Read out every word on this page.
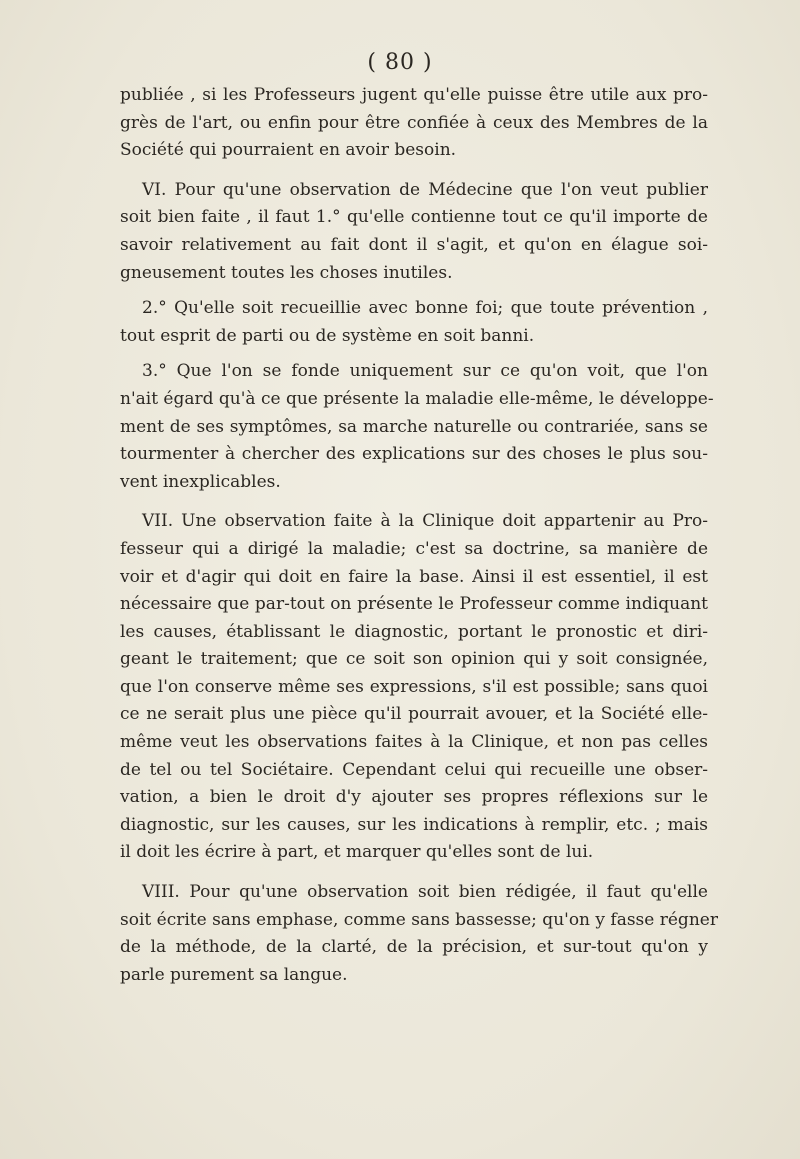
( 80 )

publiée , si les Professeurs jugent qu'elle puisse être utile aux pro-
grès de l'art, ou enfin pour être confiée à ceux des Membres de la
Société qui pourraient en avoir besoin.

VI. Pour qu'une observation de Médecine que l'on veut publier
soit bien faite , il faut 1.° qu'elle contienne tout ce qu'il importe de
savoir relativement au fait dont il s'agit, et qu'on en élague soi-
gneusement toutes les choses inutiles.

2.° Qu'elle soit recueillie avec bonne foi; que toute prévention ,
tout esprit de parti ou de système en soit banni.

3.° Que l'on se fonde uniquement sur ce qu'on voit, que l'on
n'ait égard qu'à ce que présente la maladie elle-même, le développe-
ment de ses symptômes, sa marche naturelle ou contrariée, sans se
tourmenter à chercher des explications sur des choses le plus sou-
vent inexplicables.

VII. Une observation faite à la Clinique doit appartenir au Pro-
fesseur qui a dirigé la maladie; c'est sa doctrine, sa manière de
voir et d'agir qui doit en faire la base. Ainsi il est essentiel, il est
nécessaire que par-tout on présente le Professeur comme indiquant
les causes, établissant le diagnostic, portant le pronostic et diri-
geant le traitement; que ce soit son opinion qui y soit consignée,
que l'on conserve même ses expressions, s'il est possible; sans quoi
ce ne serait plus une pièce qu'il pourrait avouer, et la Société elle-
même veut les observations faites à la Clinique, et non pas celles
de tel ou tel Sociétaire. Cependant celui qui recueille une obser-
vation, a bien le droit d'y ajouter ses propres réflexions sur le
diagnostic, sur les causes, sur les indications à remplir, etc. ; mais
il doit les écrire à part, et marquer qu'elles sont de lui.

VIII. Pour qu'une observation soit bien rédigée, il faut qu'elle
soit écrite sans emphase, comme sans bassesse; qu'on y fasse régner
de la méthode, de la clarté, de la précision, et sur-tout qu'on y
parle purement sa langue.
